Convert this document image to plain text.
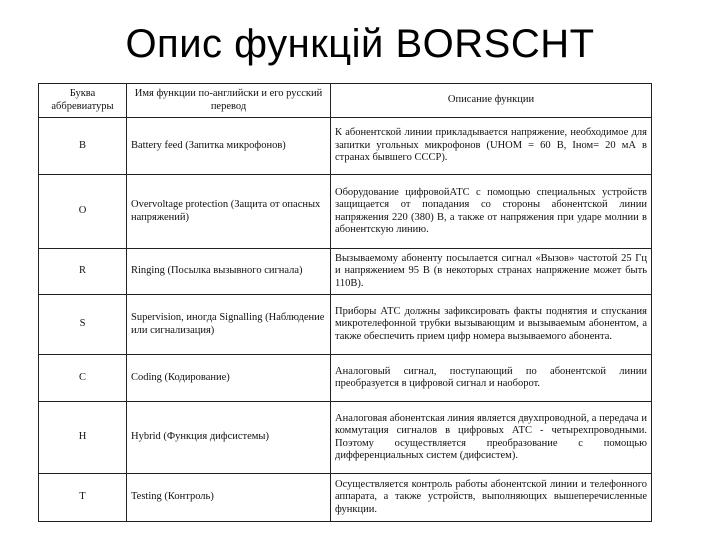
Опис функцій BORSCHT
Буква аббревиатуры	Имя функции по-английски и его русский перевод	Описание функции
B	Battery feed (Запитка микрофонов)	К абонентской линии прикладывается напряжение, необходимое для запитки угольных микрофонов (UНОМ = 60 В, Iном= 20 мА в странах бывшего СССР).
O	Overvoltage protection (Защита от опасных напряжений)	Оборудование цифровойАТС с помощью специальных устройств защищается от попадания со стороны абонентской линии напряжения 220 (380) В, а также от напряжения при ударе молнии в абонентскую линию.
R	Ringing (Посылка вызывного сигнала)	Вызываемому абоненту посылается сигнал «Вызов» частотой 25 Гц и напряжением 95 В (в некоторых странах напряжение может быть 110В).
S	Supervision, иногда Signalling (Наблюдение или сигнализация)	Приборы АТС должны зафиксировать факты поднятия и спускания микротелефонной трубки вызывающим и вызываемым абонентом, а также обеспечить прием цифр номера вызываемого абонента.
C	Coding (Кодирование)	Аналоговый сигнал, поступающий по абонентской линии преобразуется в цифровой сигнал и наоборот.
H	Hybrid (Функция дифсистемы)	Аналоговая абонентская линия является двухпроводной, а передача и коммутация сигналов в цифровых АТС - четырехпроводными. Поэтому осуществляется преобразование с помощью дифференциальных систем (дифсистем).
T	Testing (Контроль)	Осуществляется контроль работы абонентской линии и телефонного аппарата, а также устройств, выполняющих вышеперечисленные функции.
